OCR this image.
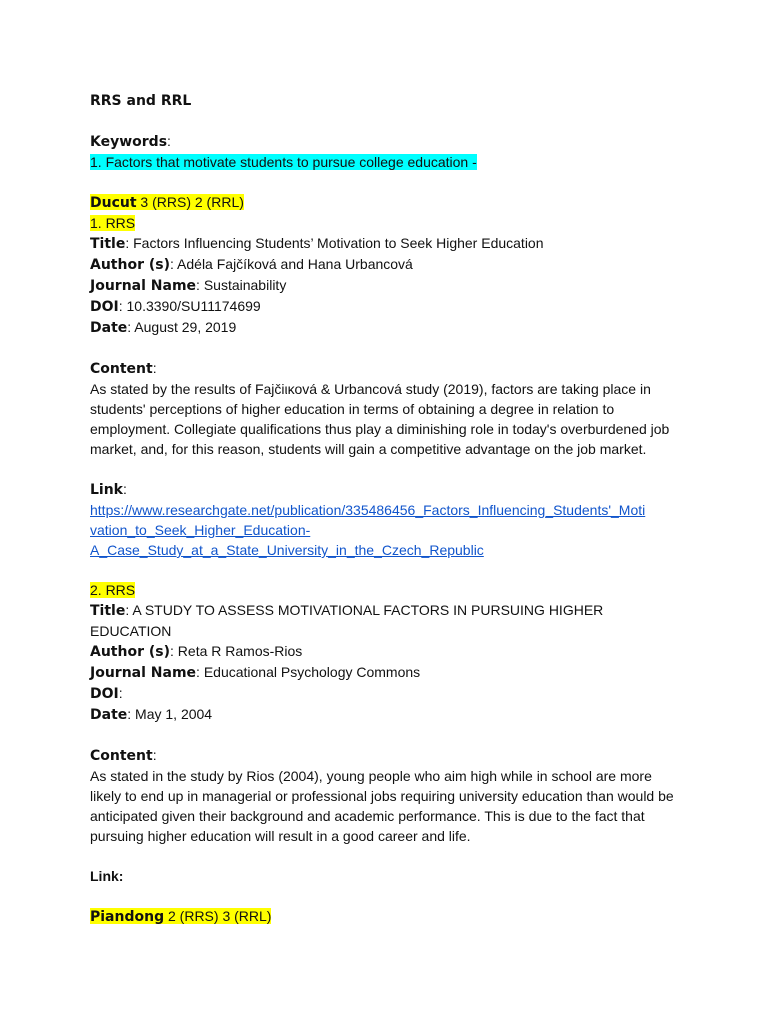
RRS and RRL
Keywords:
1. Factors that motivate students to pursue college education -
Ducut 3 (RRS) 2 (RRL)
1. RRS
Title: Factors Influencing Students’ Motivation to Seek Higher Education
Author (s): Adéla Fajčíková and Hana Urbancová
Journal Name: Sustainability
DOI: 10.3390/SU11174699
Date: August 29, 2019
Content:
As stated by the results of Fajčiικοvá & Urbancová study (2019), factors are taking place in students' perceptions of higher education in terms of obtaining a degree in relation to employment. Collegiate qualifications thus play a diminishing role in today's overburdened job market, and, for this reason, students will gain a competitive advantage on the job market.
Link:
https://www.researchgate.net/publication/335486456_Factors_Influencing_Students'_Moti
vation_to_Seek_Higher_Education-
A_Case_Study_at_a_State_University_in_the_Czech_Republic
2. RRS
Title: A STUDY TO ASSESS MOTIVATIONAL FACTORS IN PURSUING HIGHER
EDUCATION
Author (s): Reta R Ramos-Rios
Journal Name: Educational Psychology Commons
DOI:
Date: May 1, 2004
Content:
As stated in the study by Rios (2004), young people who aim high while in school are more likely to end up in managerial or professional jobs requiring university education than would be anticipated given their background and academic performance. This is due to the fact that pursuing higher education will result in a good career and life.
Link:
Piandong 2 (RRS) 3 (RRL)
